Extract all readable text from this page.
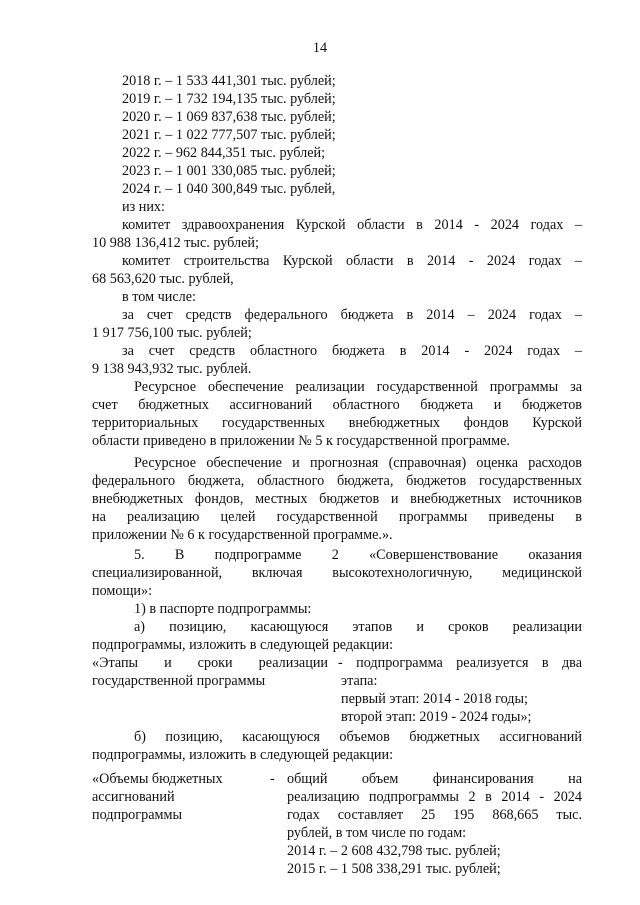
14
2018 г. – 1 533 441,301 тыс. рублей;
2019 г. – 1 732 194,135 тыс. рублей;
2020 г. – 1 069 837,638 тыс. рублей;
2021 г. – 1 022 777,507 тыс. рублей;
2022 г. – 962 844,351 тыс. рублей;
2023 г. – 1 001 330,085 тыс. рублей;
2024 г. – 1 040 300,849 тыс. рублей,
из них:
комитет здравоохранения Курской области в 2014 - 2024 годах –
10 988 136,412 тыс. рублей;
комитет строительства Курской области в 2014 - 2024 годах –
68 563,620 тыс. рублей,
в том числе:
за счет средств федерального бюджета в 2014 – 2024 годах –
1 917 756,100 тыс. рублей;
за счет средств областного бюджета в 2014 - 2024 годах –
9 138 943,932 тыс. рублей.
Ресурсное обеспечение реализации государственной программы за
счет бюджетных ассигнований областного бюджета и бюджетов
территориальных государственных внебюджетных фондов Курской
области приведено в приложении № 5 к государственной программе.
Ресурсное обеспечение и прогнозная (справочная) оценка расходов
федерального бюджета, областного бюджета, бюджетов государственных
внебюджетных фондов, местных бюджетов и внебюджетных источников
на реализацию целей государственной программы приведены в
приложении № 6 к государственной программе.».
5. В подпрограмме 2 «Совершенствование оказания
специализированной, включая высокотехнологичную, медицинской
помощи»:
1) в паспорте подпрограммы:
а) позицию, касающуюся этапов и сроков реализации
подпрограммы, изложить в следующей редакции:
«Этапы и сроки реализации
государственной программы
- подпрограмма реализуется в два
этапа:
первый этап: 2014 - 2018 годы;
второй этап: 2019 - 2024 годы»;
б) позицию, касающуюся объемов бюджетных ассигнований
подпрограммы, изложить в следующей редакции:
«Объемы бюджетных	-
ассигнований
подпрограммы
общий объем финансирования на
реализацию подпрограммы 2 в 2014 - 2024
годах составляет 25 195 868,665 тыс.
рублей, в том числе по годам:
2014 г. – 2 608 432,798 тыс. рублей;
2015 г. – 1 508 338,291 тыс. рублей;
